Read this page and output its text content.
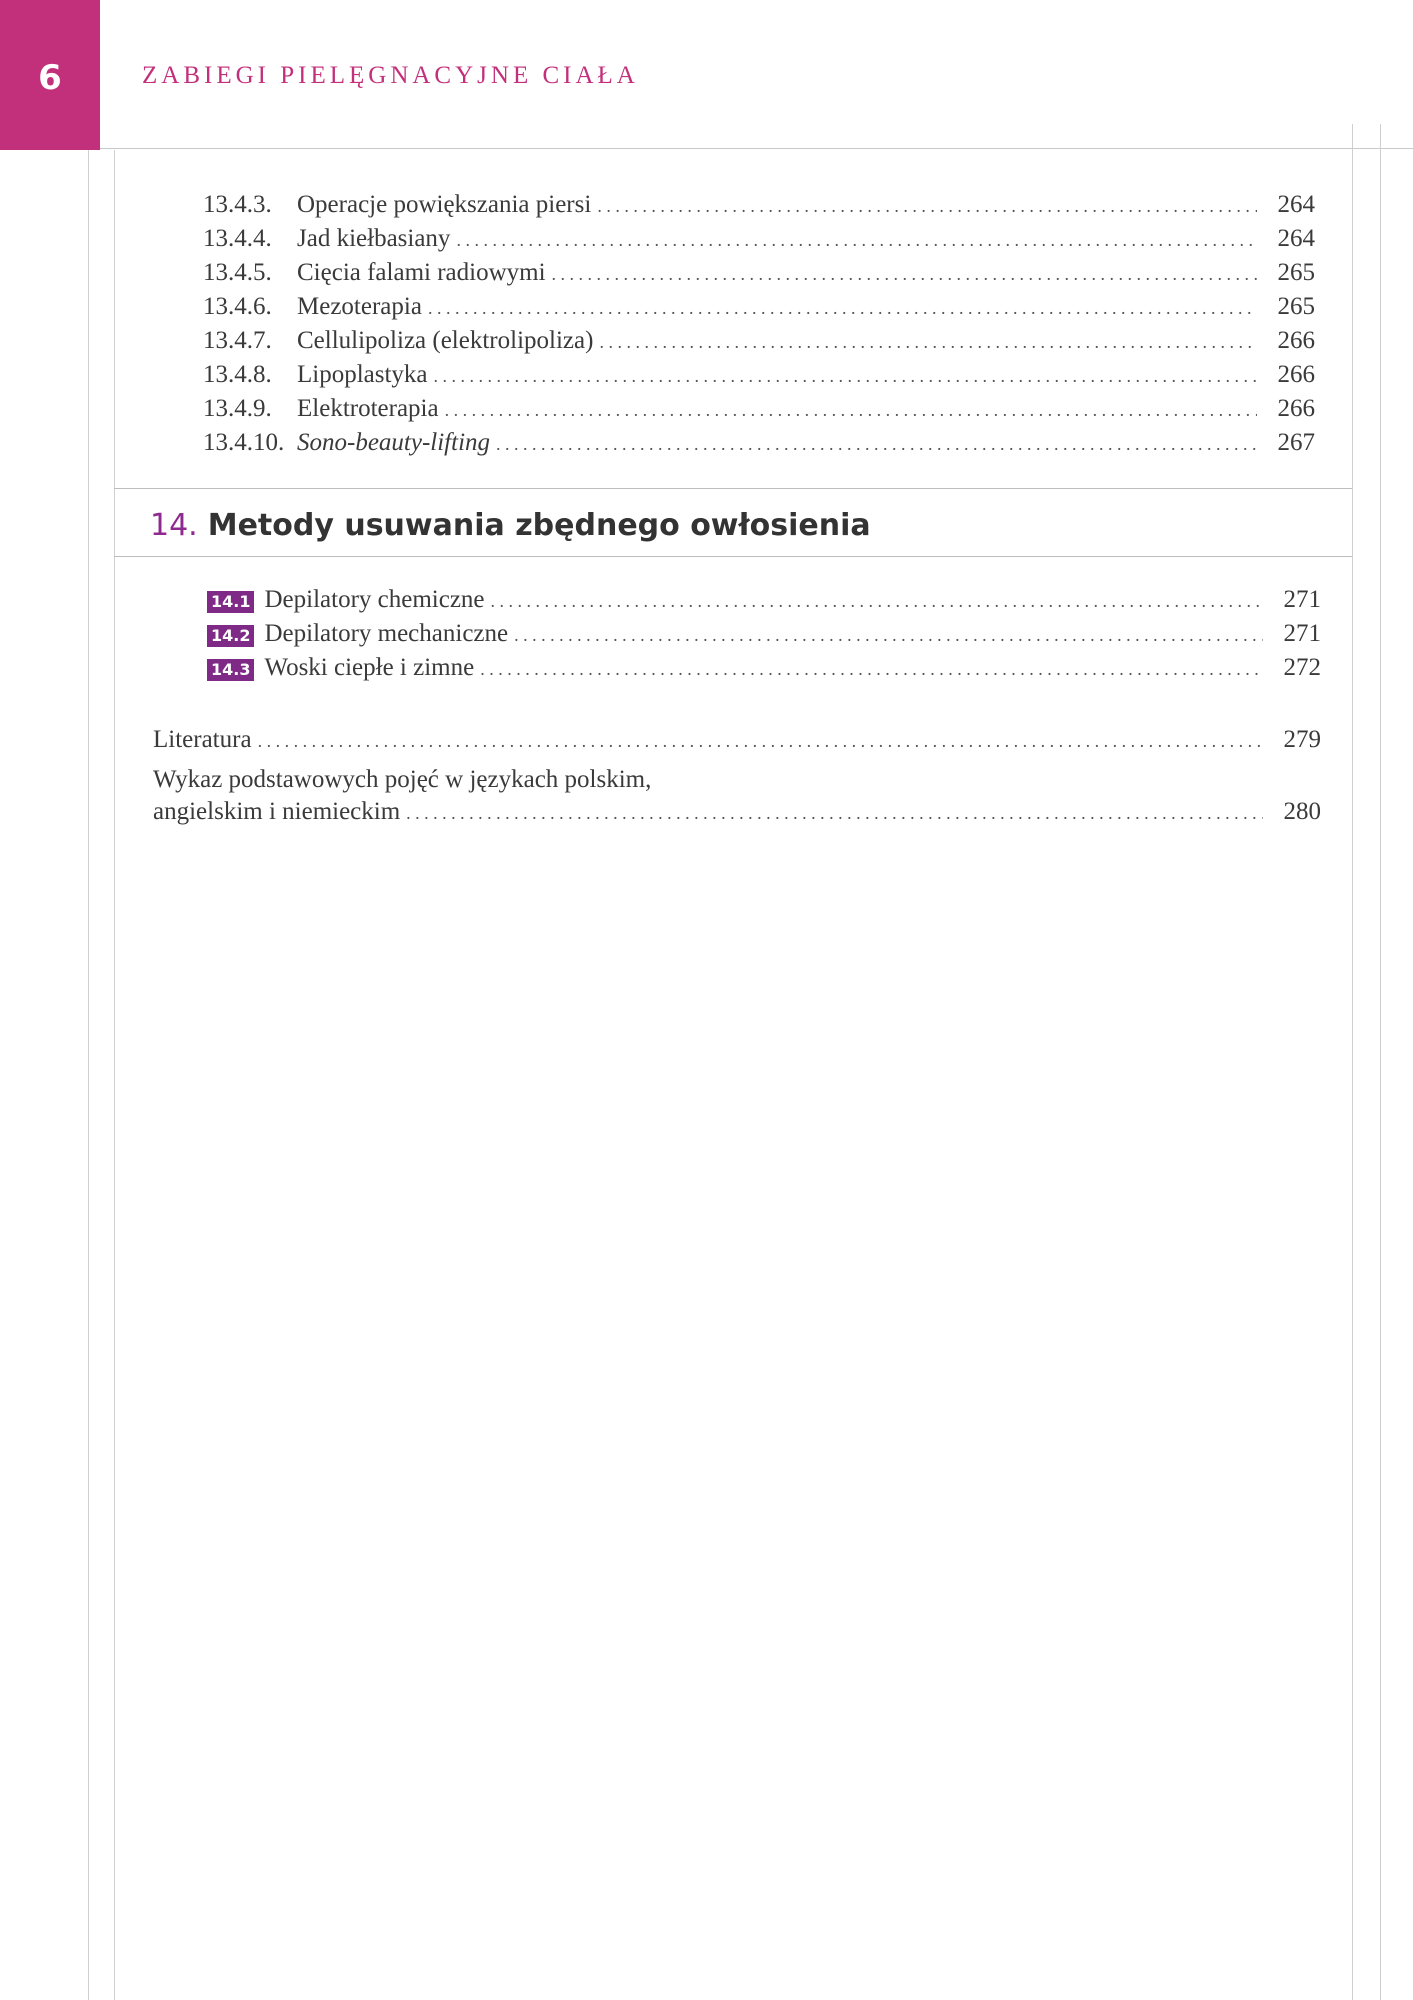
6	ZABIEGI PIELĘGNACYJNE CIAŁA
13.4.3.	Operacje powiększania piersi . . .	264
13.4.4.	Jad kiełbasiany . . .	264
13.4.5.	Cięcia falami radiowymi . . .	265
13.4.6.	Mezoterapia . . .	265
13.4.7.	Cellulipoliza (elektrolipoliza) . . .	266
13.4.8.	Lipoplastyka . . .	266
13.4.9.	Elektroterapia . . .	266
13.4.10. Sono-beauty-lifting . . .	267
14. Metody usuwania zbędnego owłosienia
14.1 Depilatory chemiczne . . .	271
14.2 Depilatory mechaniczne . . .	271
14.3 Woski ciepłe i zimne . . .	272
Literatura . . .	279
Wykaz podstawowych pojęć w językach polskim,
angielskim i niemieckim . . .	280
